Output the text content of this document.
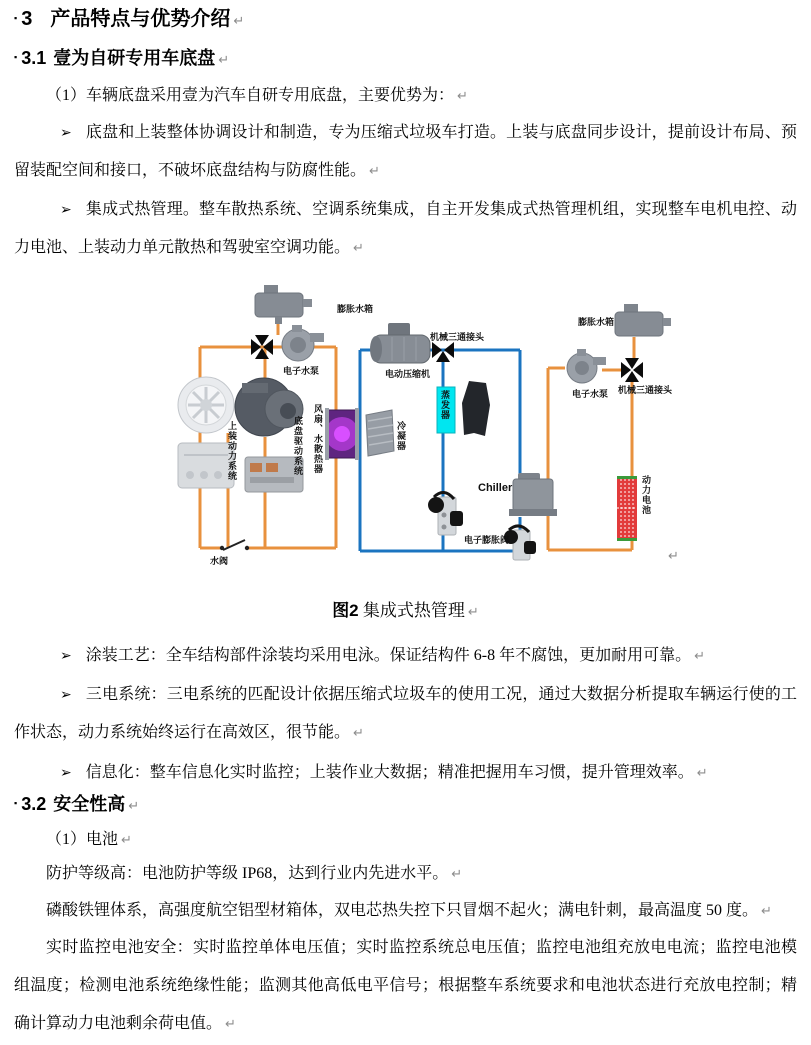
▪ 3 产品特点与优势介绍 ↵
▪ 3.1 壹为自研专用车底盘 ↵

（1）车辆底盘采用壹为汽车自研专用底盘，主要优势为： ↵

➢ 底盘和上装整体协调设计和制造，专为压缩式垃圾车打造。上装与底盘同步设计，提前设计布局、预留装配空间和接口，不破坏底盘结构与防腐性能。 ↵

➢ 集成式热管理。整车散热系统、空调系统集成，自主开发集成式热管理机组，实现整车电机电控、动力电池、上装动力单元散热和驾驶室空调功能。 ↵

膨胀水箱
电子水泵	电动压缩机
机械三通接头
膨胀水箱
电子水泵 机械三通接头
上装动力系统	底盘驱动系统 风扇、水散热器	冷凝器
蒸发器
Chiller
电子膨胀阀
动力电池
水阀	↵

图2 集成式热管理 ↵

➢ 涂装工艺：全车结构部件涂装均采用电泳。保证结构件 6-8 年不腐蚀，更加耐用可靠。 ↵

➢ 三电系统：三电系统的匹配设计依据压缩式垃圾车的使用工况，通过大数据分析提取车辆运行使的工作状态，动力系统始终运行在高效区，很节能。 ↵

➢ 信息化：整车信息化实时监控；上装作业大数据；精准把握用车习惯，提升管理效率。 ↵

▪ 3.2 安全性高 ↵

（1）电池 ↵

防护等级高：电池防护等级 IP68，达到行业内先进水平。 ↵

磷酸铁锂体系，高强度航空铝型材箱体，双电芯热失控下只冒烟不起火；满电针刺，最高温度 50 度。 ↵

实时监控电池安全：实时监控单体电压值；实时监控系统总电压值；监控电池组充放电电流；监控电池模组温度；检测电池系统绝缘性能；监测其他高低电平信号；根据整车系统要求和电池状态进行充放电控制；精确计算动力电池剩余荷电值。 ↵
